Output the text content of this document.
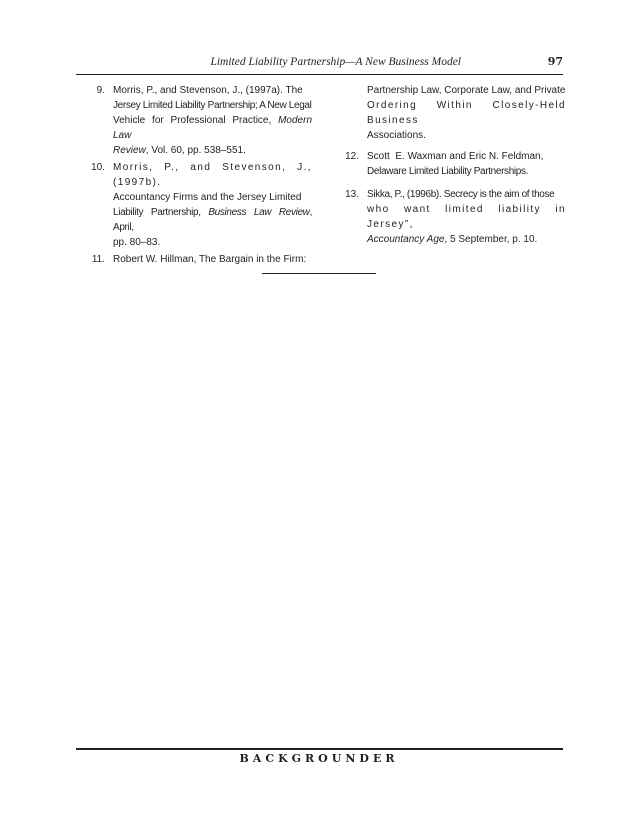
Limited Liability Partnership—A New Business Model	97
9. Morris, P., and Stevenson, J., (1997a). The
Jersey Limited Liability Partnership; A New Legal
Vehicle for Professional Practice, Modern Law
Review, Vol. 60, pp. 538–551.
10. Morris, P., and Stevenson, J., (1997b).
Accountancy Firms and the Jersey Limited
Liability Partnership, Business Law Review, April,
pp. 80–83.
11. Robert W. Hillman, The Bargain in the Firm:
Partnership Law, Corporate Law, and Private
Ordering Within Closely-Held Business
Associations.
12. Scott  E. Waxman and Eric N. Feldman,
Delaware Limited Liability Partnerships.
13. Sikka, P., (1996b). Secrecy is the aim of those
who want limited liability in Jersey”,
Accountancy Age, 5 September, p. 10.
BACKGROUNDER
